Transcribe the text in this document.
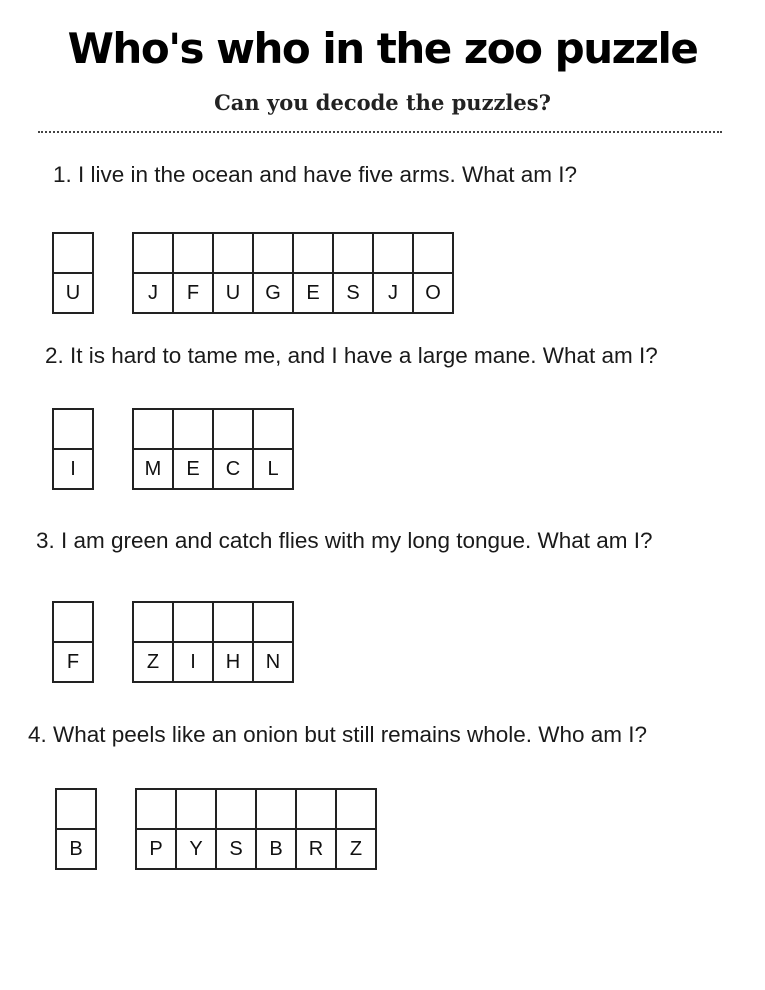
Who's who in the zoo puzzle
Can you decode the puzzles?
1. I live in the ocean and have five arms. What am I?
U	J	F	U	G	E	S	J	O
2. It is hard to tame me, and I have a large mane. What am I?
I	M	E	C	L
3. I am green and catch flies with my long tongue. What am I?
F	Z	I	H	N
4. What peels like an onion but still remains whole. Who am I?
B	P	Y	S	B	R	Z
